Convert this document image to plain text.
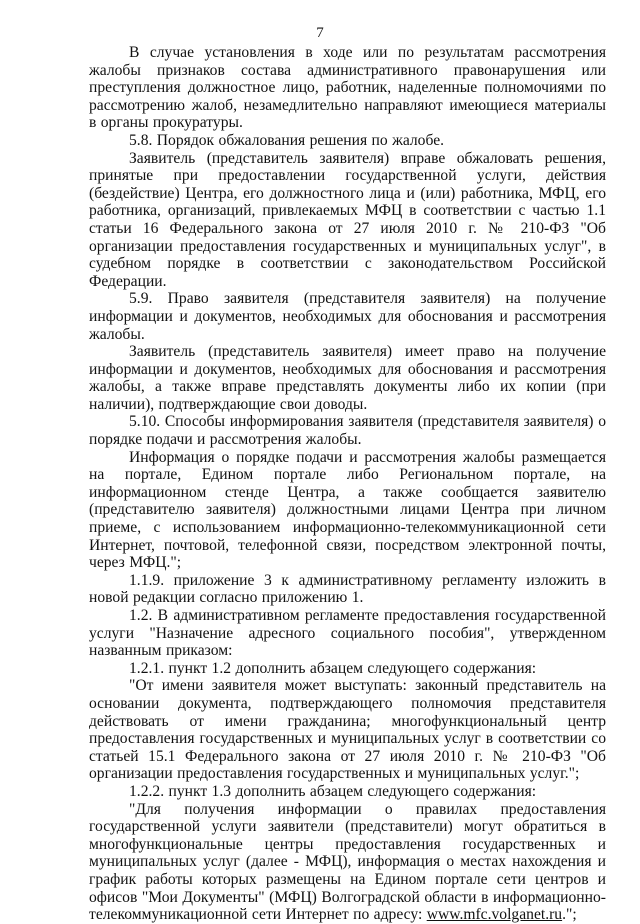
7

В случае установления в ходе или по результатам рассмотрения жалобы признаков состава административного правонарушения или преступления должностное лицо, работник, наделенные полномочиями по рассмотрению жалоб, незамедлительно направляют имеющиеся материалы в органы прокуратуры.

5.8. Порядок обжалования решения по жалобе.

Заявитель (представитель заявителя) вправе обжаловать решения, принятые при предоставлении государственной услуги, действия (бездействие) Центра, его должностного лица и (или) работника, МФЦ, его работника, организаций, привлекаемых МФЦ в соответствии с частью 1.1 статьи 16 Федерального закона от 27 июля 2010 г. № 210-ФЗ "Об организации предоставления государственных и муниципальных услуг", в судебном порядке в соответствии с законодательством Российской Федерации.

5.9. Право заявителя (представителя заявителя) на получение информации и документов, необходимых для обоснования и рассмотрения жалобы.

Заявитель (представитель заявителя) имеет право на получение информации и документов, необходимых для обоснования и рассмотрения жалобы, а также вправе представлять документы либо их копии (при наличии), подтверждающие свои доводы.

5.10. Способы информирования заявителя (представителя заявителя) о порядке подачи и рассмотрения жалобы.

Информация о порядке подачи и рассмотрения жалобы размещается на портале, Едином портале либо Региональном портале, на информационном стенде Центра, а также сообщается заявителю (представителю заявителя) должностными лицами Центра при личном приеме, с использованием информационно-телекоммуникационной сети Интернет, почтовой, телефонной связи, посредством электронной почты, через МФЦ.";

1.1.9. приложение 3 к административному регламенту изложить в новой редакции согласно приложению 1.

1.2. В административном регламенте предоставления государственной услуги "Назначение адресного социального пособия", утвержденном названным приказом:

1.2.1. пункт 1.2 дополнить абзацем следующего содержания:

"От имени заявителя может выступать: законный представитель на основании документа, подтверждающего полномочия представителя действовать от имени гражданина; многофункциональный центр предоставления государственных и муниципальных услуг в соответствии со статьей 15.1 Федерального закона от 27 июля 2010 г. № 210-ФЗ "Об организации предоставления государственных и муниципальных услуг.";

1.2.2. пункт 1.3 дополнить абзацем следующего содержания:

"Для получения информации о правилах предоставления государственной услуги заявители (представители) могут обратиться в многофункциональные центры предоставления государственных и муниципальных услуг (далее - МФЦ), информация о местах нахождения и график работы которых размещены на Едином портале сети центров и офисов "Мои Документы" (МФЦ) Волгоградской области в информационно-телекоммуникационной сети Интернет по адресу: www.mfc.volganet.ru.";
